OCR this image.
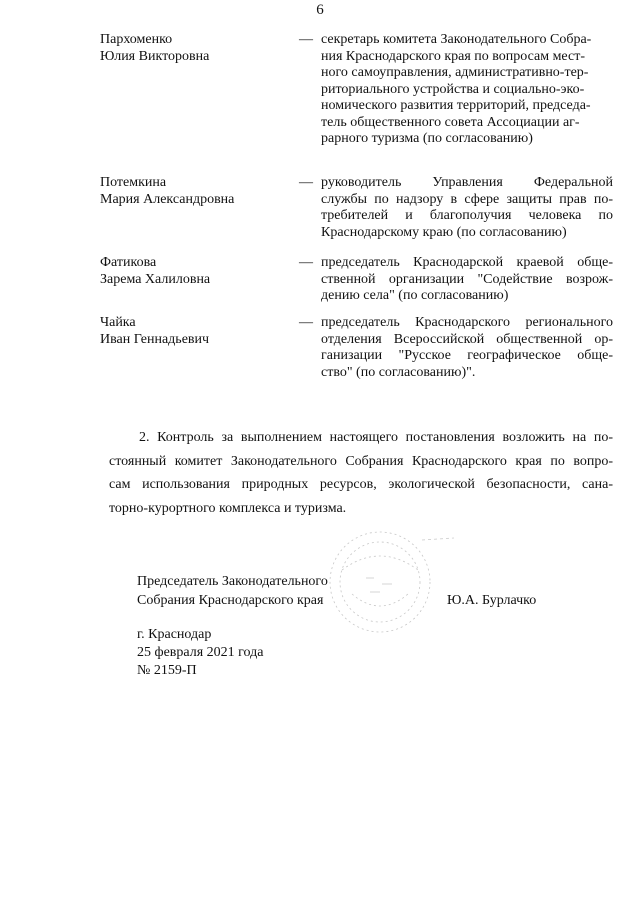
6
Пархоменко
Юлия Викторовна
— секретарь комитета Законодательного Собра-
ния Краснодарского края по вопросам мест-
ного самоуправления, административно-тер-
риториального устройства и социально-эко-
номического развития территорий, председа-
тель общественного совета Ассоциации аг-
рарного туризма (по согласованию)
Потемкина
Мария Александровна
— руководитель Управления Федеральной
службы по надзору в сфере защиты прав по-
требителей и благополучия человека по
Краснодарскому краю (по согласованию)
Фатикова
Зарема Халиловна
— председатель Краснодарской краевой обще-
ственной организации "Содействие возрож-
дению села" (по согласованию)
Чайка
Иван Геннадьевич
— председатель Краснодарского регионального
отделения Всероссийской общественной ор-
ганизации "Русское географическое обще-
ство" (по согласованию)".
2. Контроль за выполнением настоящего постановления возложить на по-
стоянный комитет Законодательного Собрания Краснодарского края по вопро-
сам использования природных ресурсов, экологической безопасности, сана-
торно-курортного комплекса и туризма.
Председатель Законодательного
Собрания Краснодарского края	Ю.А. Бурлачко
г. Краснодар
25 февраля 2021 года
№ 2159-П
